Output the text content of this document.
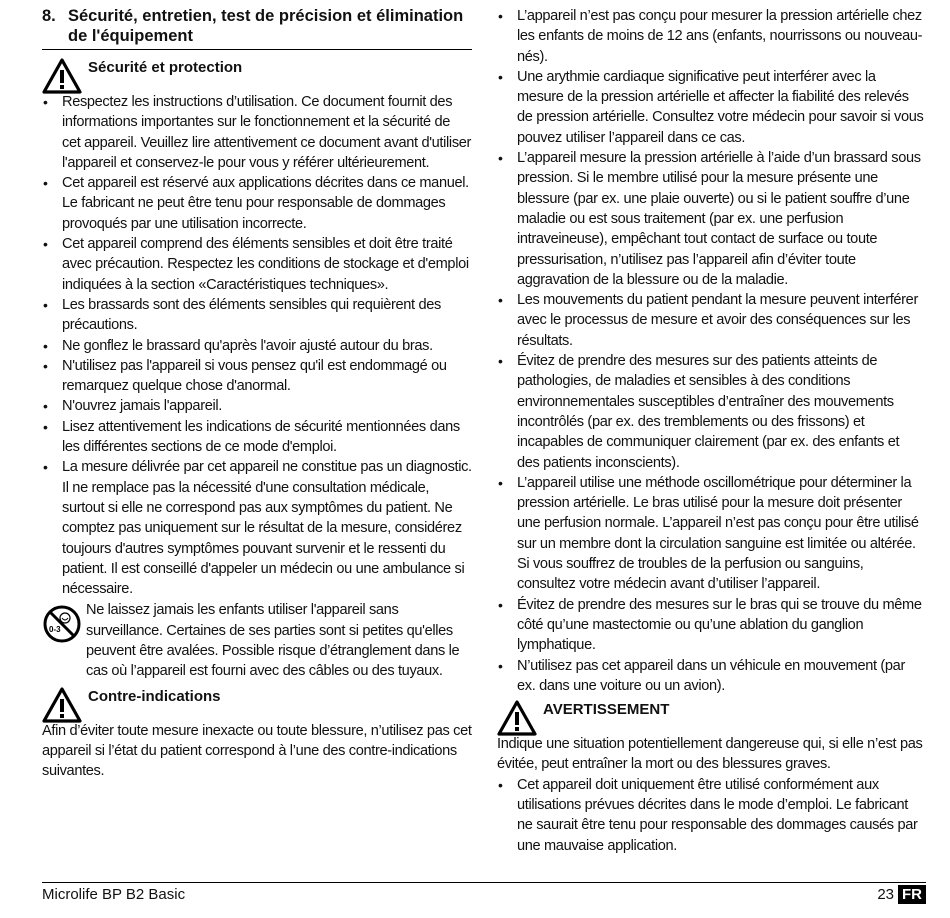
8. Sécurité, entretien, test de précision et élimination de l'équipement
Sécurité et protection
• Respectez les instructions d’utilisation. Ce document fournit des informations importantes sur le fonctionnement et la sécurité de cet appareil. Veuillez lire attentivement ce document avant d'utiliser l'appareil et conservez-le pour vous y référer ultérieurement.
• Cet appareil est réservé aux applications décrites dans ce manuel. Le fabricant ne peut être tenu pour responsable de dommages provoqués par une utilisation incorrecte.
• Cet appareil comprend des éléments sensibles et doit être traité avec précaution. Respectez les conditions de stockage et d'emploi indiquées à la section «Caractéristiques techniques».
• Les brassards sont des éléments sensibles qui requièrent des précautions.
• Ne gonflez le brassard qu'après l'avoir ajusté autour du bras.
• N'utilisez pas l'appareil si vous pensez qu'il est endommagé ou remarquez quelque chose d'anormal.
• N'ouvrez jamais l'appareil.
• Lisez attentivement les indications de sécurité mentionnées dans les différentes sections de ce mode d'emploi.
• La mesure délivrée par cet appareil ne constitue pas un diagnostic. Il ne remplace pas la nécessité d'une consultation médicale, surtout si elle ne correspond pas aux symptômes du patient. Ne comptez pas uniquement sur le résultat de la mesure, considérez toujours d'autres symptômes pouvant survenir et le ressenti du patient. Il est conseillé d'appeler un médecin ou une ambulance si nécessaire.
0-3
Ne laissez jamais les enfants utiliser l'appareil sans surveillance. Certaines de ses parties sont si petites qu'elles peuvent être avalées. Possible risque d’étranglement dans le cas où l’appareil est fourni avec des câbles ou des tuyaux.
Contre-indications

Afin d’éviter toute mesure inexacte ou toute blessure, n’utilisez pas cet appareil si l’état du patient correspond à l’une des contre-indications suivantes.

• L’appareil n’est pas conçu pour mesurer la pression artérielle chez les enfants de moins de 12 ans (enfants, nourrissons ou nouveau-nés).
• Une arythmie cardiaque significative peut interférer avec la mesure de la pression artérielle et affecter la fiabilité des relevés de pression artérielle. Consultez votre médecin pour savoir si vous pouvez utiliser l’appareil dans ce cas.
• L’appareil mesure la pression artérielle à l’aide d’un brassard sous pression. Si le membre utilisé pour la mesure présente une blessure (par ex. une plaie ouverte) ou si le patient souffre d’une maladie ou est sous traitement (par ex. une perfusion intraveineuse), empêchant tout contact de surface ou toute pressurisation, n’utilisez pas l’appareil afin d’éviter toute aggravation de la blessure ou de la maladie.
• Les mouvements du patient pendant la mesure peuvent interférer avec le processus de mesure et avoir des conséquences sur les résultats.
• Évitez de prendre des mesures sur des patients atteints de pathologies, de maladies et sensibles à des conditions environnementales susceptibles d’entraîner des mouvements incontrôlés (par ex. des tremblements ou des frissons) et incapables de communiquer clairement (par ex. des enfants et des patients inconscients).
• L’appareil utilise une méthode oscillométrique pour déterminer la pression artérielle. Le bras utilisé pour la mesure doit présenter une perfusion normale. L’appareil n’est pas conçu pour être utilisé sur un membre dont la circulation sanguine est limitée ou altérée. Si vous souffrez de troubles de la perfusion ou sanguins, consultez votre médecin avant d’utiliser l’appareil.
• Évitez de prendre des mesures sur le bras qui se trouve du même côté qu’une mastectomie ou qu’une ablation du ganglion lymphatique.
• N’utilisez pas cet appareil dans un véhicule en mouvement (par ex. dans une voiture ou un avion).
AVERTISSEMENT

Indique une situation potentiellement dangereuse qui, si elle n’est pas évitée, peut entraîner la mort ou des blessures graves.

• Cet appareil doit uniquement être utilisé conformément aux utilisations prévues décrites dans le mode d’emploi. Le fabricant ne saurait être tenu pour responsable des dommages causés par une mauvaise application.
Microlife BP B2 Basic	23 FR
